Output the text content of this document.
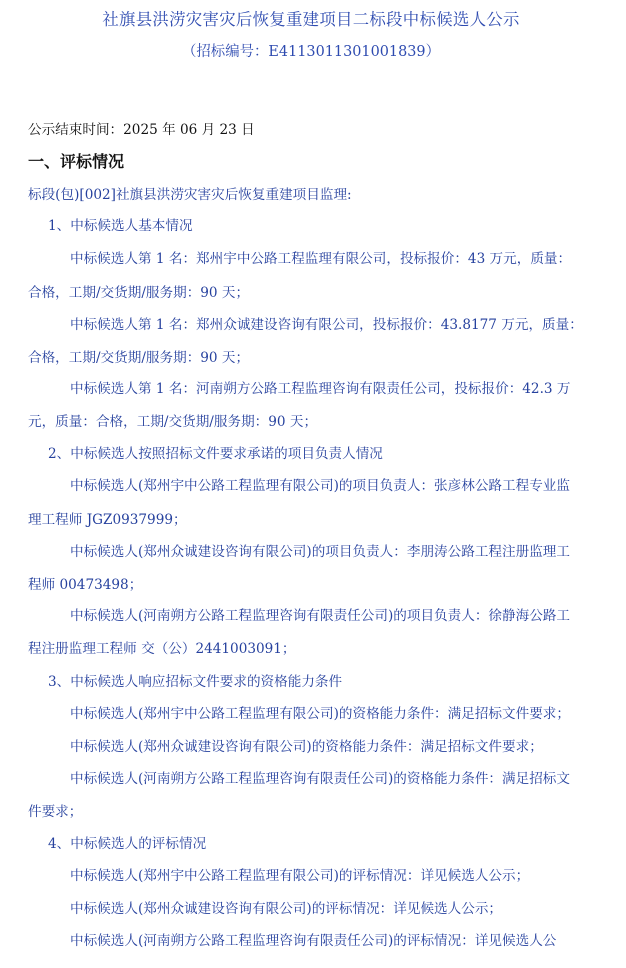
社旗县洪涝灾害灾后恢复重建项目二标段中标候选人公示
（招标编号：E4113011301001839）
公示结束时间：2025 年 06 月 23 日
一、评标情况
标段(包)[002]社旗县洪涝灾害灾后恢复重建项目监理:
1、中标候选人基本情况
中标候选人第 1 名：郑州宇中公路工程监理有限公司，投标报价：43 万元，质量：
合格，工期/交货期/服务期：90 天；
中标候选人第 1 名：郑州众诚建设咨询有限公司，投标报价：43.8177 万元，质量：
合格，工期/交货期/服务期：90 天；
中标候选人第 1 名：河南朔方公路工程监理咨询有限责任公司，投标报价：42.3 万
元，质量：合格，工期/交货期/服务期：90 天；
2、中标候选人按照招标文件要求承诺的项目负责人情况
中标候选人(郑州宇中公路工程监理有限公司)的项目负责人：张彦林公路工程专业监
理工程师 JGZ0937999；
中标候选人(郑州众诚建设咨询有限公司)的项目负责人：李朋涛公路工程注册监理工
程师 00473498；
中标候选人(河南朔方公路工程监理咨询有限责任公司)的项目负责人：徐静海公路工
程注册监理工程师 交（公）2441003091；
3、中标候选人响应招标文件要求的资格能力条件
中标候选人(郑州宇中公路工程监理有限公司)的资格能力条件：满足招标文件要求；
中标候选人(郑州众诚建设咨询有限公司)的资格能力条件：满足招标文件要求；
中标候选人(河南朔方公路工程监理咨询有限责任公司)的资格能力条件：满足招标文
件要求；
4、中标候选人的评标情况
中标候选人(郑州宇中公路工程监理有限公司)的评标情况：详见候选人公示；
中标候选人(郑州众诚建设咨询有限公司)的评标情况：详见候选人公示；
中标候选人(河南朔方公路工程监理咨询有限责任公司)的评标情况：详见候选人公
